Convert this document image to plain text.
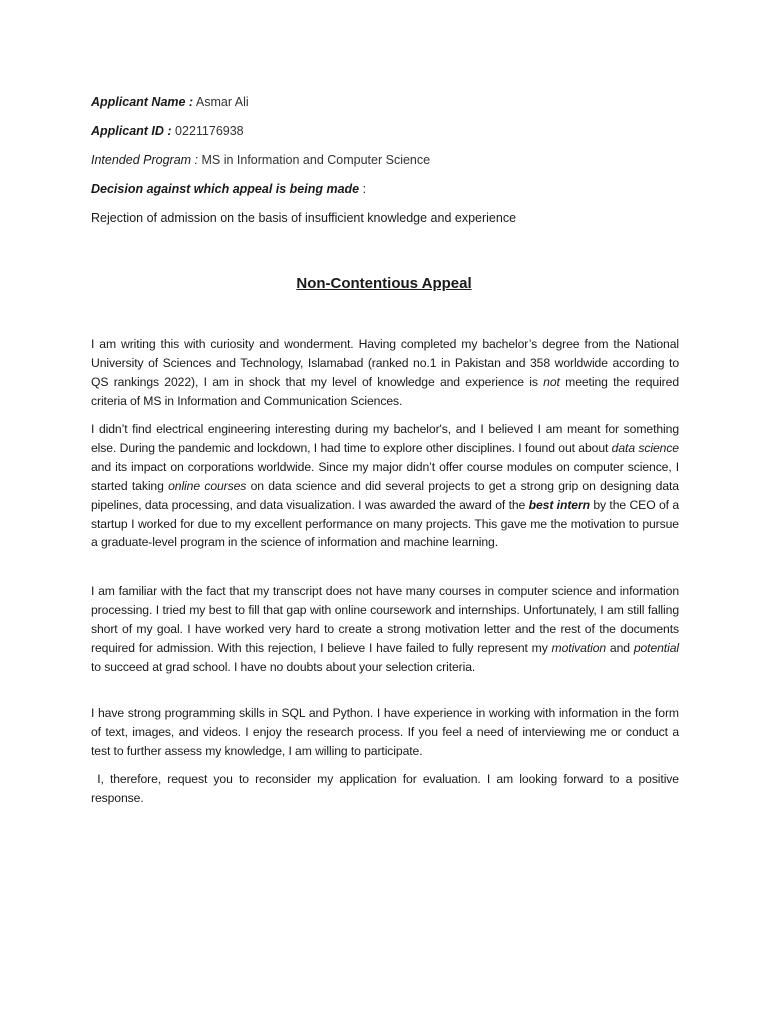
Applicant Name : Asmar Ali
Applicant ID : 0221176938
Intended Program : MS in Information and Computer Science
Decision against which appeal is being made :
Rejection of admission on the basis of insufficient knowledge and experience
Non-Contentious Appeal
I am writing this with curiosity and wonderment. Having completed my bachelor’s degree from the National University of Sciences and Technology, Islamabad (ranked no.1 in Pakistan and 358 worldwide according to QS rankings 2022), I am in shock that my level of knowledge and experience is not meeting the required criteria of MS in Information and Communication Sciences.
I didn’t find electrical engineering interesting during my bachelor's, and I believed I am meant for something else. During the pandemic and lockdown, I had time to explore other disciplines. I found out about data science and its impact on corporations worldwide. Since my major didn’t offer course modules on computer science, I started taking online courses on data science and did several projects to get a strong grip on designing data pipelines, data processing, and data visualization. I was awarded the award of the best intern by the CEO of a startup I worked for due to my excellent performance on many projects. This gave me the motivation to pursue a graduate-level program in the science of information and machine learning.
I am familiar with the fact that my transcript does not have many courses in computer science and information processing. I tried my best to fill that gap with online coursework and internships. Unfortunately, I am still falling short of my goal. I have worked very hard to create a strong motivation letter and the rest of the documents required for admission. With this rejection, I believe I have failed to fully represent my motivation and potential to succeed at grad school. I have no doubts about your selection criteria.
I have strong programming skills in SQL and Python. I have experience in working with information in the form of text, images, and videos. I enjoy the research process. If you feel a need of interviewing me or conduct a test to further assess my knowledge, I am willing to participate.
I, therefore, request you to reconsider my application for evaluation. I am looking forward to a positive response.
